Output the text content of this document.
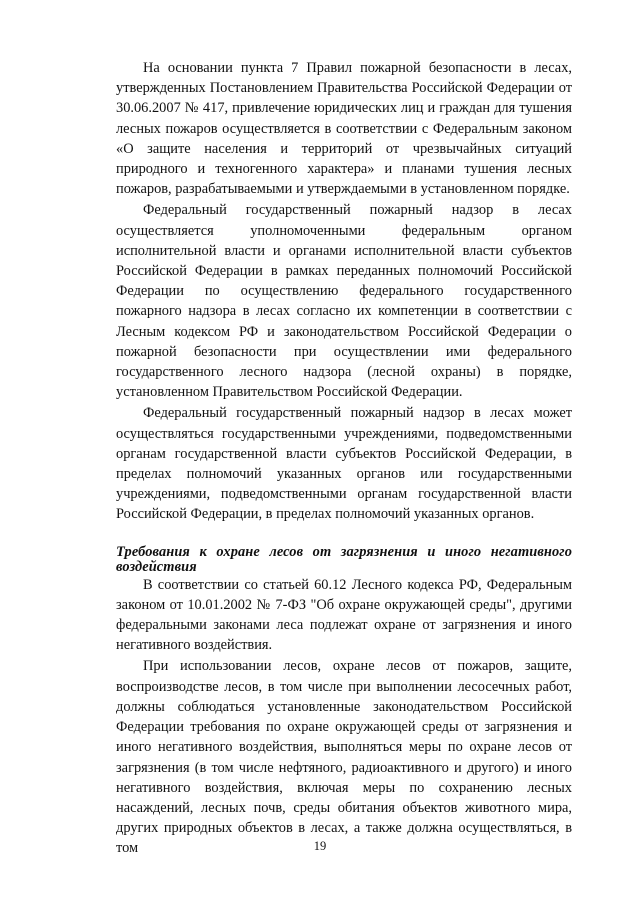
На основании пункта 7 Правил пожарной безопасности в лесах, утвержденных Постановлением Правительства Российской Федерации от 30.06.2007 № 417, привлечение юридических лиц и граждан для тушения лесных пожаров осуществляется в соответствии с Федеральным законом «О защите населения и территорий от чрезвычайных ситуаций природного и техногенного характера» и планами тушения лесных пожаров, разрабатываемыми и утверждаемыми в установленном порядке.

Федеральный государственный пожарный надзор в лесах осуществляется уполномоченными федеральным органом исполнительной власти и органами исполнительной власти субъектов Российской Федерации в рамках переданных полномочий Российской Федерации по осуществлению федерального государственного пожарного надзора в лесах согласно их компетенции в соответствии с Лесным кодексом РФ и законодательством Российской Федерации о пожарной безопасности при осуществлении ими федерального государственного лесного надзора (лесной охраны) в порядке, установленном Правительством Российской Федерации.

Федеральный государственный пожарный надзор в лесах может осуществляться государственными учреждениями, подведомственными органам государственной власти субъектов Российской Федерации, в пределах полномочий указанных органов или государственными учреждениями, подведомственными органам государственной власти Российской Федерации, в пределах полномочий указанных органов.

Требования к охране лесов от загрязнения и иного негативного воздействия

В соответствии со статьей 60.12 Лесного кодекса РФ, Федеральным законом от 10.01.2002 № 7-ФЗ "Об охране окружающей среды", другими федеральными законами леса подлежат охране от загрязнения и иного негативного воздействия.

При использовании лесов, охране лесов от пожаров, защите, воспроизводстве лесов, в том числе при выполнении лесосечных работ, должны соблюдаться установленные законодательством Российской Федерации требования по охране окружающей среды от загрязнения и иного негативного воздействия, выполняться меры по охране лесов от загрязнения (в том числе нефтяного, радиоактивного и другого) и иного негативного воздействия, включая меры по сохранению лесных насаждений, лесных почв, среды обитания объектов животного мира, других природных объектов в лесах, а также должна осуществляться, в том	19
